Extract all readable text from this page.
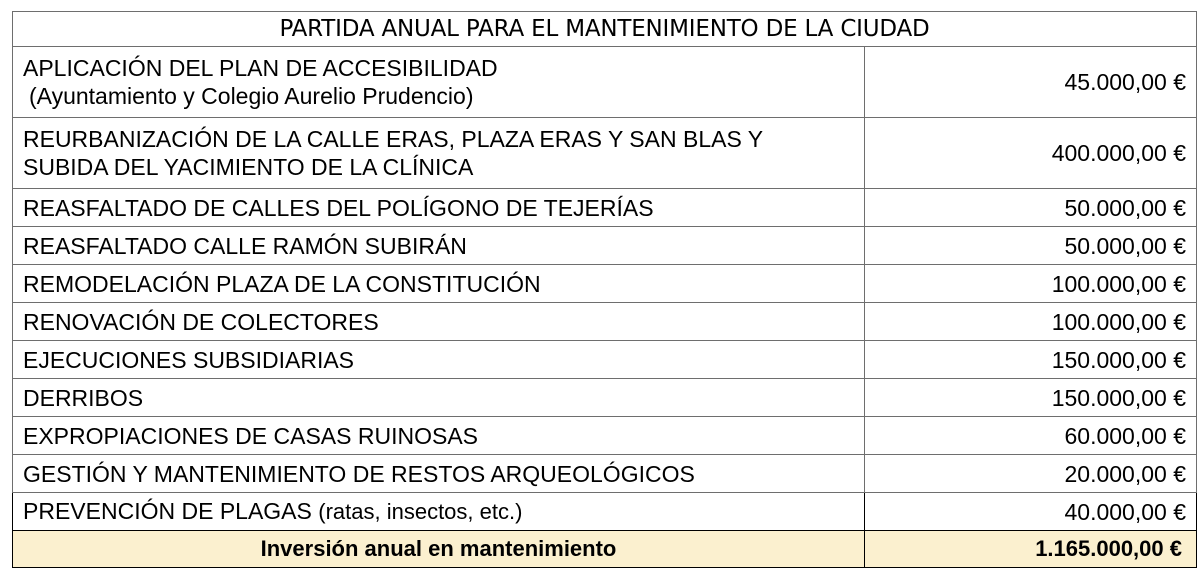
PARTIDA ANUAL PARA EL MANTENIMIENTO DE LA CIUDAD	
APLICACIÓN DEL PLAN DE ACCESIBILIDAD
(Ayuntamiento y Colegio Aurelio Prudencio)	45.000,00 €
REURBANIZACIÓN DE LA CALLE ERAS, PLAZA ERAS Y SAN BLAS Y
SUBIDA DEL YACIMIENTO DE LA CLÍNICA	400.000,00 €
REASFALTADO DE CALLES DEL POLÍGONO DE TEJERÍAS	50.000,00 €
REASFALTADO CALLE RAMÓN SUBIRÁN	50.000,00 €
REMODELACIÓN PLAZA DE LA CONSTITUCIÓN	100.000,00 €
RENOVACIÓN DE COLECTORES	100.000,00 €
EJECUCIONES SUBSIDIARIAS	150.000,00 €
DERRIBOS	150.000,00 €
EXPROPIACIONES DE CASAS RUINOSAS	60.000,00 €
GESTIÓN Y MANTENIMIENTO DE RESTOS ARQUEOLÓGICOS	20.000,00 €
PREVENCIÓN DE PLAGAS (ratas, insectos, etc.)	40.000,00 €
Inversión anual en mantenimiento	1.165.000,00 €
